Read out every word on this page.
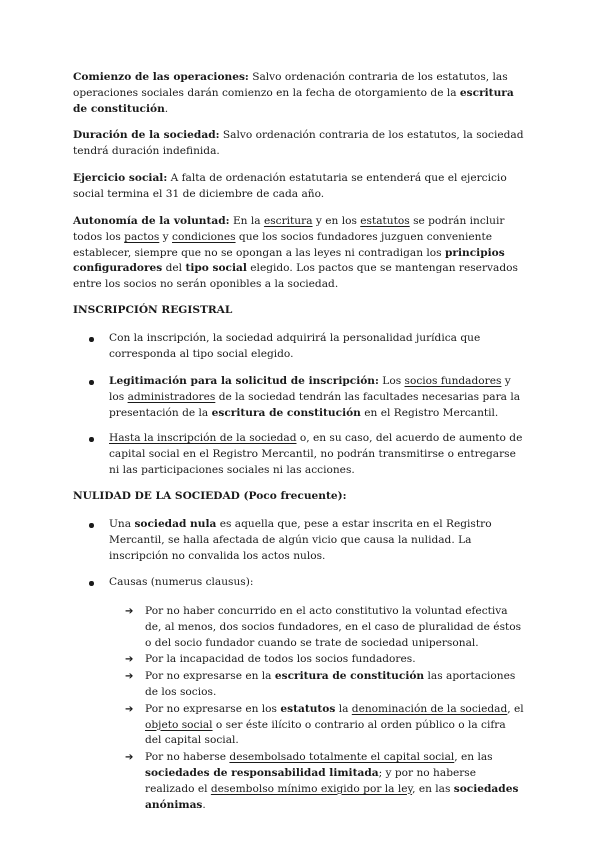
Comienzo de las operaciones: Salvo ordenación contraria de los estatutos, las operaciones sociales darán comienzo en la fecha de otorgamiento de la escritura de constitución.

Duración de la sociedad: Salvo ordenación contraria de los estatutos, la sociedad tendrá duración indefinida.

Ejercicio social: A falta de ordenación estatutaria se entenderá que el ejercicio social termina el 31 de diciembre de cada año.

Autonomía de la voluntad: En la escritura y en los estatutos se podrán incluir todos los pactos y condiciones que los socios fundadores juzguen conveniente establecer, siempre que no se opongan a las leyes ni contradigan los principios configuradores del tipo social elegido. Los pactos que se mantengan reservados entre los socios no serán oponibles a la sociedad.

INSCRIPCIÓN REGISTRAL

Con la inscripción, la sociedad adquirirá la personalidad jurídica que corresponda al tipo social elegido.

Legitimación para la solicitud de inscripción: Los socios fundadores y los administradores de la sociedad tendrán las facultades necesarias para la presentación de la escritura de constitución en el Registro Mercantil.

Hasta la inscripción de la sociedad o, en su caso, del acuerdo de aumento de capital social en el Registro Mercantil, no podrán transmitirse o entregarse ni las participaciones sociales ni las acciones.

NULIDAD DE LA SOCIEDAD (Poco frecuente):

Una sociedad nula es aquella que, pese a estar inscrita en el Registro Mercantil, se halla afectada de algún vicio que causa la nulidad. La inscripción no convalida los actos nulos.

Causas (numerus clausus):

➔ Por no haber concurrido en el acto constitutivo la voluntad efectiva de, al menos, dos socios fundadores, en el caso de pluralidad de éstos o del socio fundador cuando se trate de sociedad unipersonal.
➔ Por la incapacidad de todos los socios fundadores.
➔ Por no expresarse en la escritura de constitución las aportaciones de los socios.
➔ Por no expresarse en los estatutos la denominación de la sociedad, el objeto social o ser éste ilícito o contrario al orden público o la cifra del capital social.
➔ Por no haberse desembolsado totalmente el capital social, en las sociedades de responsabilidad limitada; y por no haberse realizado el desembolso mínimo exigido por la ley, en las sociedades anónimas.
